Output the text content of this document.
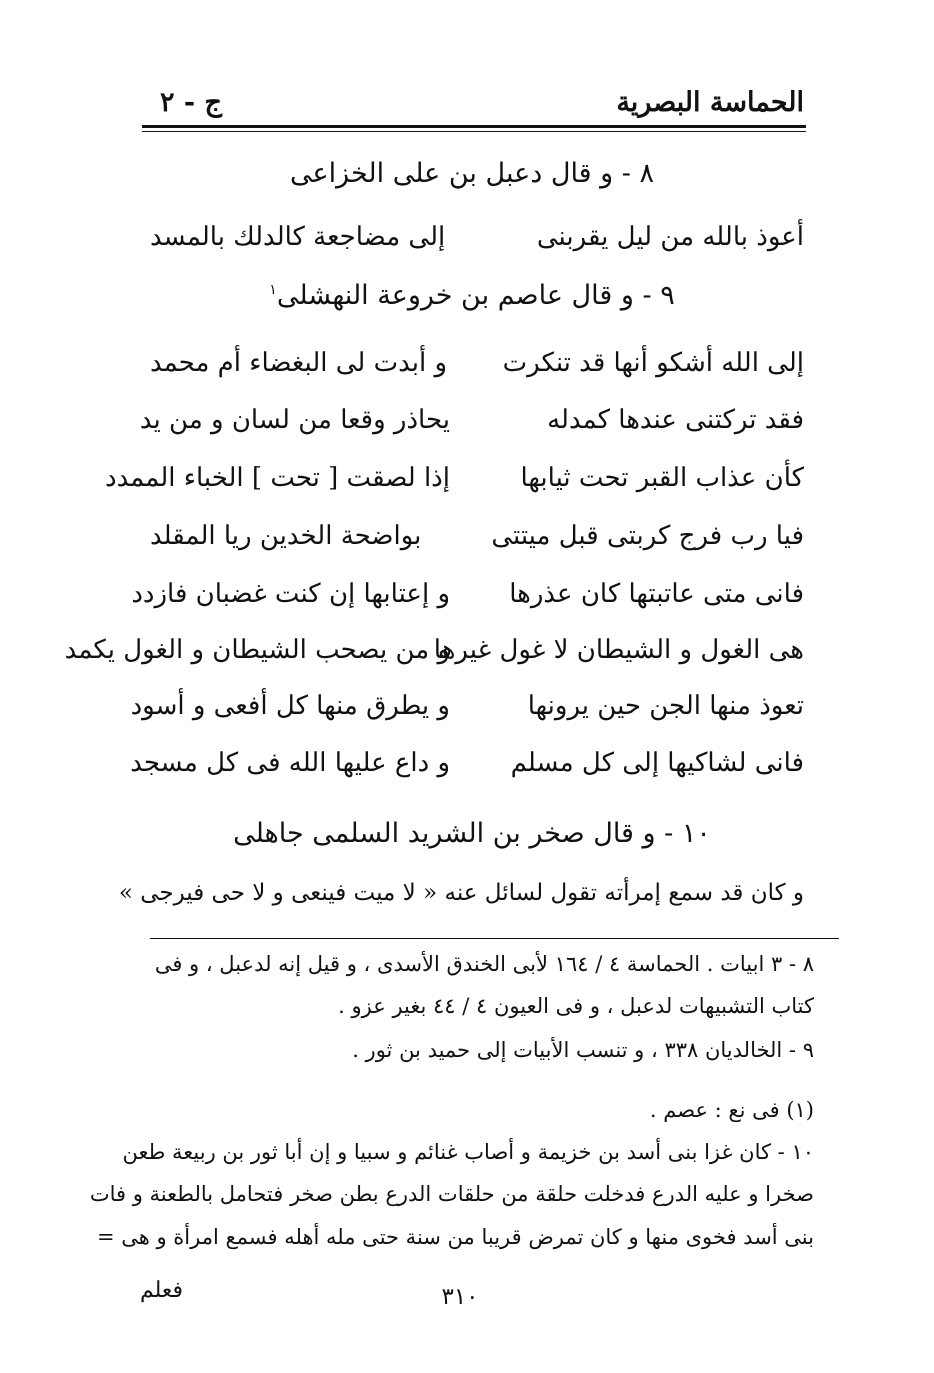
الحماسة البصرية
ج - ٢
٨ - و قال دعبل بن على الخزاعى
أعوذ بالله من ليل يقربنى
إلى مضاجعة كالدلك بالمسد
٩ - و قال عاصم بن خروعة النهشلى$^١$
إلى الله أشكو أنها قد تنكرت
و أبدت لى البغضاء أم محمد
فقد تركتنى عندها كمدله
يحاذر وقعا من لسان و من يد
كأن عذاب القبر تحت ثيابها
إذا لصقت [ تحت ] الخباء الممدد
فيا رب فرج كربتى قبل ميتتى
بواضحة الخدين ريا المقلد
فانى متى عاتبتها كان عذرها
و إعتابها إن كنت غضبان فازدد
هى الغول و الشيطان لا غول غيرها
و من يصحب الشيطان و الغول يكمد
تعوذ منها الجن حين يرونها
و يطرق منها كل أفعى و أسود
فانى لشاكيها إلى كل مسلم
و داع عليها الله فى كل مسجد
١٠ - و قال صخر بن الشريد السلمى جاهلى
و كان قد سمع إمرأته تقول لسائل عنه « لا ميت فينعى و لا حى فيرجى »
٨ - ٣ ابيات . الحماسة ٤ / ١٦٤ لأبى الخندق الأسدى ، و قيل إنه لدعبل ، و فى
كتاب التشبيهات لدعبل ، و فى العيون ٤ / ٤٤ بغير عزو .
٩ - الخالديان ٣٣٨ ، و تنسب الأبيات إلى حميد بن ثور .
(١) فى نع : عصم .
١٠ - كان غزا بنى أسد بن خزيمة و أصاب غنائم و سبيا و إن أبا ثور بن ربيعة طعن
صخرا و عليه الدرع فدخلت حلقة من حلقات الدرع بطن صخر فتحامل بالطعنة و فات
بنى أسد فخوى منها و كان تمرض قريبا من سنة حتى مله أهله فسمع امرأة و هى =
٣١٠
فعلم
